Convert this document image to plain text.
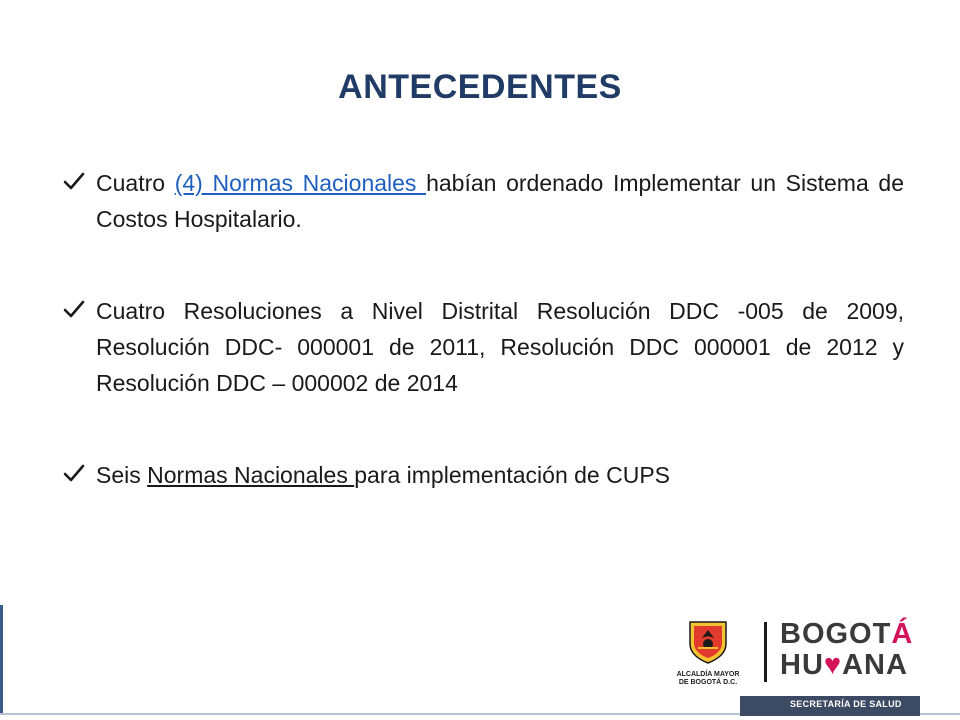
ANTECEDENTES

Cuatro (4) Normas Nacionales habían ordenado Implementar un Sistema de Costos Hospitalario.

Cuatro Resoluciones a Nivel Distrital Resolución DDC -005 de 2009, Resolución DDC- 000001 de 2011, Resolución DDC 000001 de 2012 y Resolución DDC – 000002 de 2014

Seis Normas Nacionales para implementación de CUPS

ALCALDÍA MAYOR
DE BOGOTÁ D.C.
BOGOTÁ
HU♥ANA
SECRETARÍA DE SALUD
